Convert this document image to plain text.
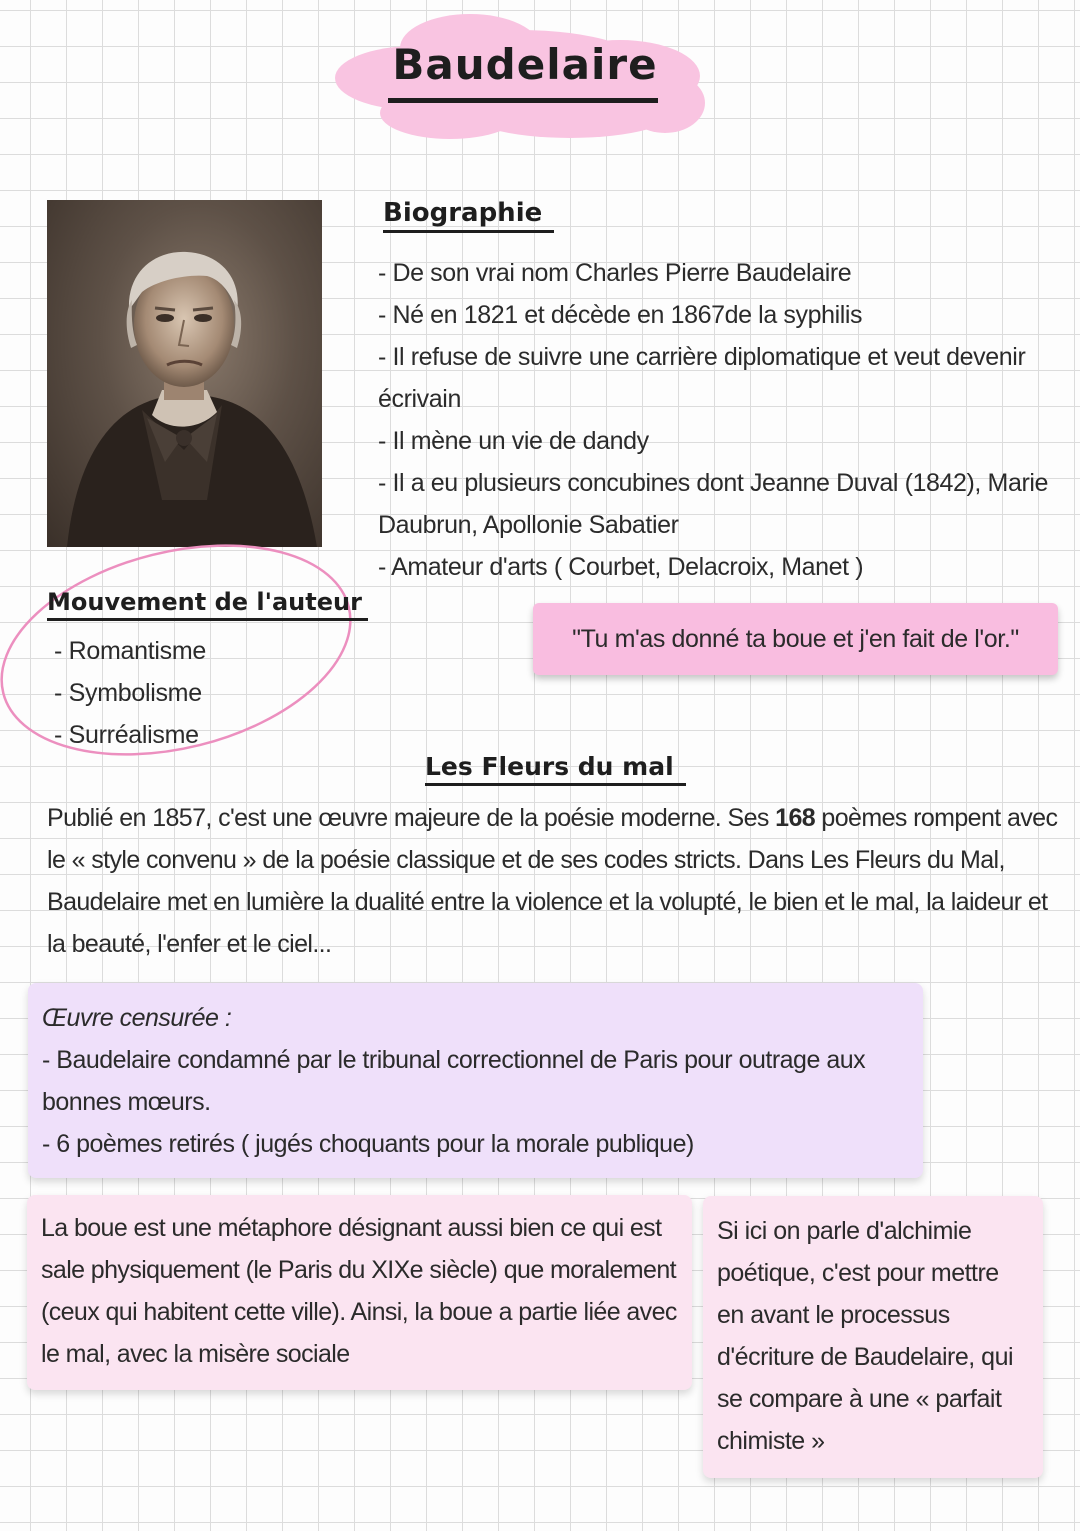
Baudelaire
Biographie
- De son vrai nom Charles Pierre Baudelaire
- Né en 1821 et décède en 1867de la syphilis
- Il refuse de suivre une carrière diplomatique et veut devenir
écrivain
- Il mène un vie de dandy
- Il a eu plusieurs concubines dont Jeanne Duval (1842), Marie
Daubrun, Apollonie Sabatier
- Amateur d'arts ( Courbet, Delacroix, Manet )
Mouvement de l'auteur
- Romantisme
- Symbolisme
- Surréalisme
"Tu m'as donné ta boue et j'en fait de l'or."
Les Fleurs du mal

Publié en 1857, c'est une œuvre majeure de la poésie moderne. Ses 168 poèmes rompent avec le « style convenu » de la poésie classique et de ses codes stricts. Dans Les Fleurs du Mal, Baudelaire met en lumière la dualité entre la violence et la volupté, le bien et le mal, la laideur et la beauté, l'enfer et le ciel...

Œuvre censurée :

- Baudelaire condamné par le tribunal correctionnel de Paris pour outrage aux bonnes mœurs.

- 6 poèmes retirés ( jugés choquants pour la morale publique)

La boue est une métaphore désignant aussi bien ce qui est sale physiquement (le Paris du XIXe siècle) que moralement (ceux qui habitent cette ville). Ainsi, la boue a partie liée avec le mal, avec la misère sociale

Si ici on parle d'alchimie poétique, c'est pour mettre en avant le processus d'écriture de Baudelaire, qui se compare à une « parfait chimiste »
